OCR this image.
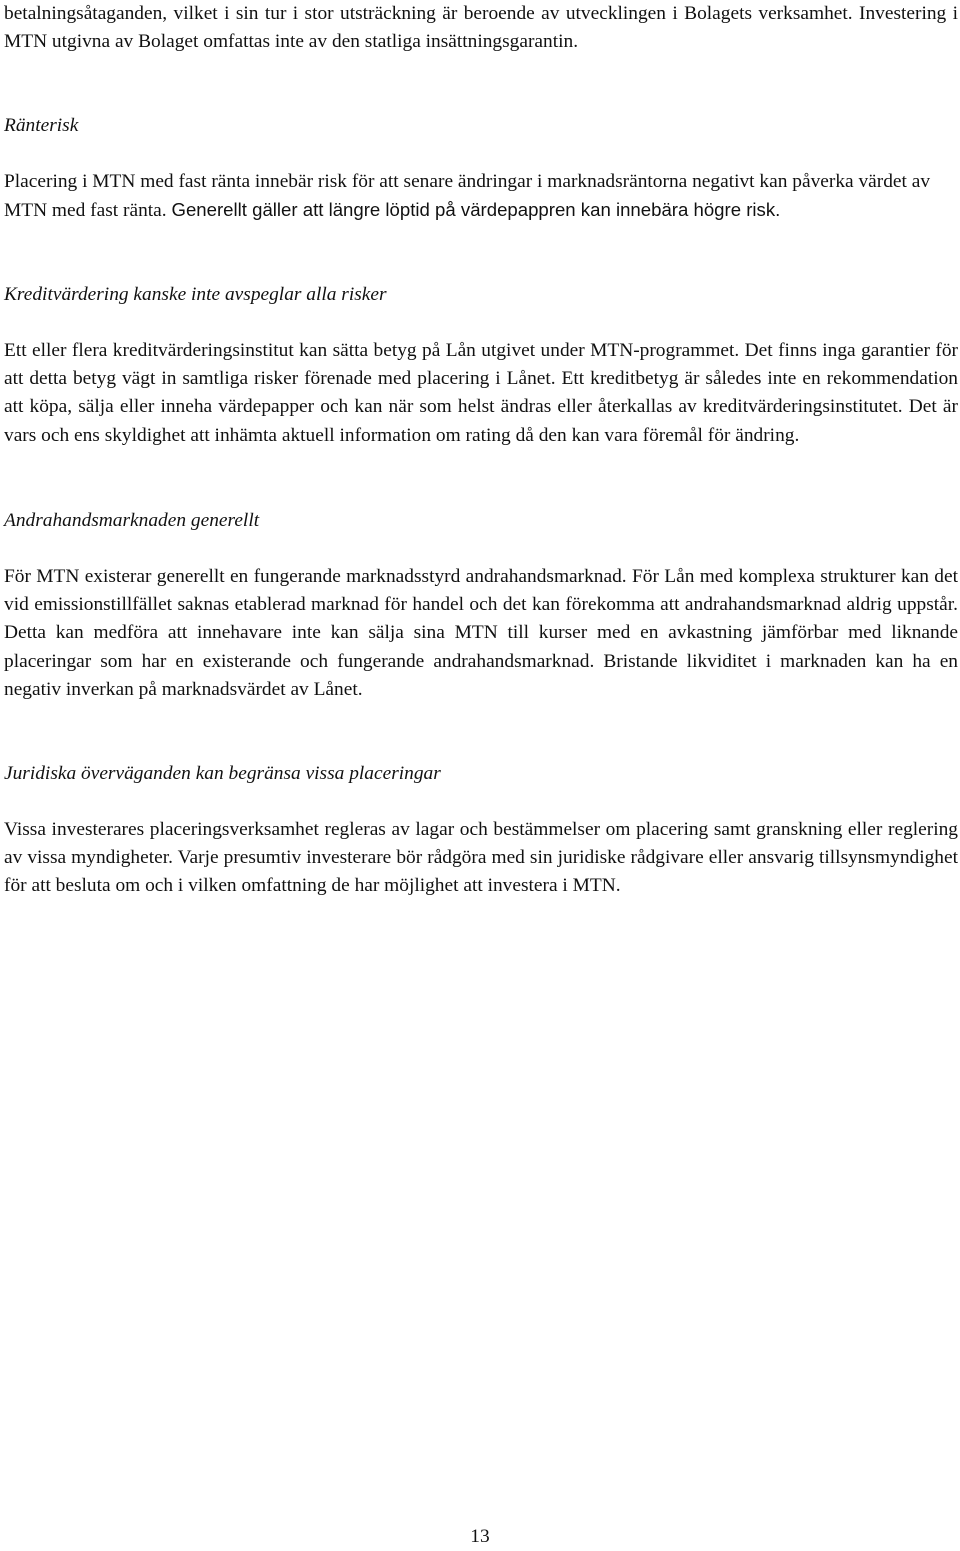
betalningsåtaganden, vilket i sin tur i stor utsträckning är beroende av utvecklingen i Bolagets verksamhet. Investering i MTN utgivna av Bolaget omfattas inte av den statliga insättningsgarantin.

Ränterisk

Placering i MTN med fast ränta innebär risk för att senare ändringar i marknadsräntorna negativt kan påverka värdet av MTN med fast ränta. Generellt gäller att längre löptid på värdepappren kan innebära högre risk.

Kreditvärdering kanske inte avspeglar alla risker

Ett eller flera kreditvärderingsinstitut kan sätta betyg på Lån utgivet under MTN-programmet. Det finns inga garantier för att detta betyg vägt in samtliga risker förenade med placering i Lånet. Ett kreditbetyg är således inte en rekommendation att köpa, sälja eller inneha värdepapper och kan när som helst ändras eller återkallas av kreditvärderingsinstitutet. Det är vars och ens skyldighet att inhämta aktuell information om rating då den kan vara föremål för ändring.

Andrahandsmarknaden generellt

För MTN existerar generellt en fungerande marknadsstyrd andrahandsmarknad. För Lån med komplexa strukturer kan det vid emissionstillfället saknas etablerad marknad för handel och det kan förekomma att andrahandsmarknad aldrig uppstår. Detta kan medföra att innehavare inte kan sälja sina MTN till kurser med en avkastning jämförbar med liknande placeringar som har en existerande och fungerande andrahandsmarknad. Bristande likviditet i marknaden kan ha en negativ inverkan på marknadsvärdet av Lånet.

Juridiska överväganden kan begränsa vissa placeringar

Vissa investerares placeringsverksamhet regleras av lagar och bestämmelser om placering samt granskning eller reglering av vissa myndigheter. Varje presumtiv investerare bör rådgöra med sin juridiske rådgivare eller ansvarig tillsynsmyndighet för att besluta om och i vilken omfattning de har möjlighet att investera i MTN.

13
